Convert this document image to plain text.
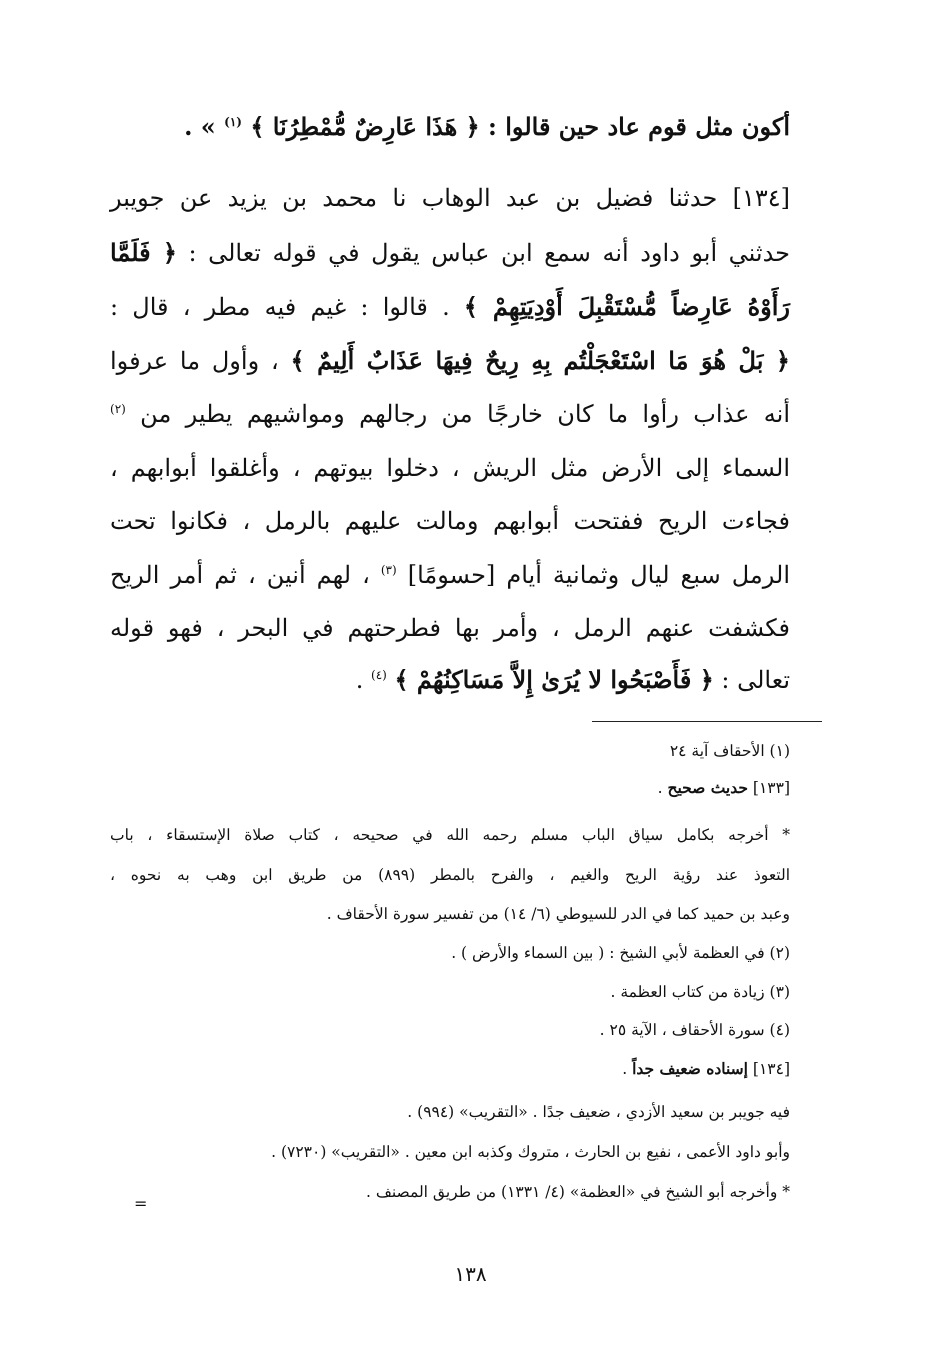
أكون مثل قوم عاد حين قالوا : ﴿ هَذَا عَارِضٌ مُّمْطِرُنَا ﴾ $^{(١)}$ » .
[١٣٤] حدثنا فضيل بن عبد الوهاب نا محمد بن يزيد عن جويبر
حدثني أبو داود أنه سمع ابن عباس يقول في قوله تعالى : ﴿ فَلَمَّا
رَأَوْهُ عَارِضاً مُّسْتَقْبِلَ أَوْدِيَتِهِمْ ﴾ . قالوا : غيم فيه مطر ، قال :
﴿ بَلْ هُوَ مَا اسْتَعْجَلْتُم بِهِ رِيحٌ فِيهَا عَذَابٌ أَلِيمٌ ﴾ ، وأول ما عرفوا
أنه عذاب رأوا ما كان خارجًا من رجالهم ومواشيهم يطير من $^{(٢)}$
السماء إلى الأرض مثل الريش ، دخلوا بيوتهم ، وأغلقوا أبوابهم ،
فجاءت الريح ففتحت أبوابهم ومالت عليهم بالرمل ، فكانوا تحت
الرمل سبع ليال وثمانية أيام [حسومًا] $^{(٣)}$ ، لهم أنين ، ثم أمر الريح
فكشفت عنهم الرمل ، وأمر بها فطرحتهم في البحر ، فهو قوله
تعالى : ﴿ فَأَصْبَحُوا لا يُرَىٰ إِلاَّ مَسَاكِنُهُمْ ﴾ $^{(٤)}$ .
(١) الأحقاف آية ٢٤
[١٣٣] حديث صحيح .
* أخرجه بكامل سياق الباب مسلم رحمه الله في صحيحه ، كتاب صلاة الإستسقاء ، باب
التعوذ عند رؤية الريح والغيم ، والفرح بالمطر (٨٩٩) من طريق ابن وهب به نحوه ،
وعبد بن حميد كما في الدر للسيوطي (٦/ ١٤) من تفسير سورة الأحقاف .
(٢) في العظمة لأبي الشيخ : ( بين السماء والأرض ) .
(٣) زيادة من كتاب العظمة .
(٤) سورة الأحقاف ، الآية ٢٥ .
[١٣٤] إسناده ضعيف جداً .
فيه جويبر بن سعيد الأزدي ، ضعيف جدًا . «التقريب» (٩٩٤) .
وأبو داود الأعمى ، نفيع بن الحارث ، متروك وكذبه ابن معين . «التقريب» (٧٢٣٠) .
* وأخرجه أبو الشيخ في «العظمة» (٤/ ١٣٣١) من طريق المصنف .
=
١٣٨
